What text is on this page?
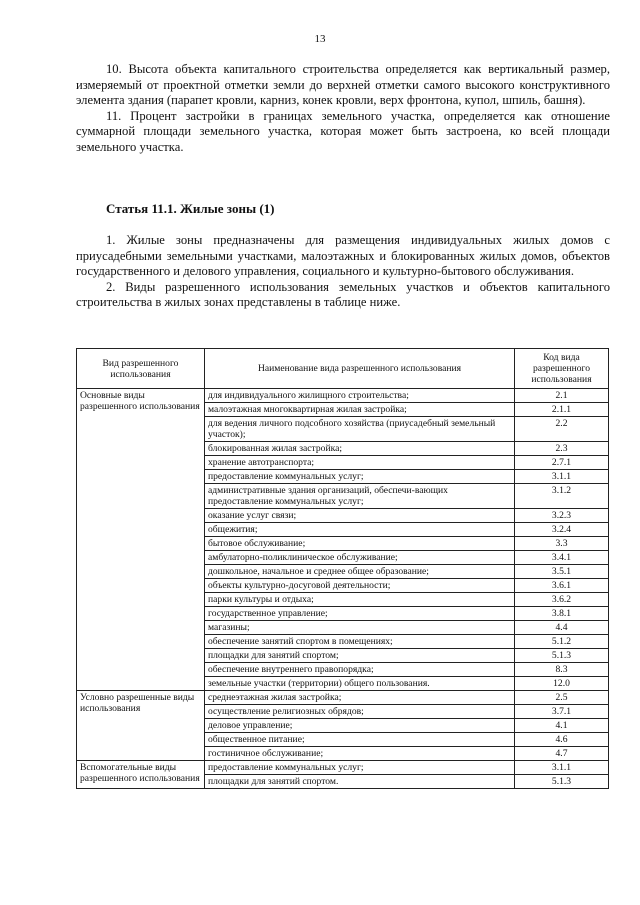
13

10. Высота объекта капитального строительства определяется как вертикальный размер, измеряемый от проектной отметки земли до верхней отметки самого высокого конструктивного элемента здания (парапет кровли, карниз, конек кровли, верх фронтона, купол, шпиль, башня).

11. Процент застройки в границах земельного участка, определяется как отношение суммарной площади земельного участка, которая может быть застроена, ко всей площади земельного участка.

Статья 11.1. Жилые зоны (1)

1. Жилые зоны предназначены для размещения индивидуальных жилых домов с приусадебными земельными участками, малоэтажных и блокированных жилых домов, объектов государственного и делового управления, социального и культурно-бытового обслуживания.

2. Виды разрешенного использования земельных участков и объектов капитального строительства в жилых зонах представлены в таблице ниже.

Вид разрешенного использования	Наименование вида разрешенного использования	Код вида разрешенного использования
Основные виды разрешенного использования	для индивидуального жилищного строительства;	2.1
	малоэтажная многоквартирная жилая застройка;	2.1.1
	для ведения личного подсобного хозяйства (приусадебный земельный участок);	2.2
	блокированная жилая застройка;	2.3
	хранение автотранспорта;	2.7.1
	предоставление коммунальных услуг;	3.1.1
	административные здания организаций, обеспечи-вающих предоставление коммунальных услуг;	3.1.2
	оказание услуг связи;	3.2.3
	общежития;	3.2.4
	бытовое обслуживание;	3.3
	амбулаторно-поликлиническое обслуживание;	3.4.1
	дошкольное, начальное и среднее общее образование;	3.5.1
	объекты культурно-досуговой деятельности;	3.6.1
	парки культуры и отдыха;	3.6.2
	государственное управление;	3.8.1
	магазины;	4.4
	обеспечение занятий спортом в помещениях;	5.1.2
	площадки для занятий спортом;	5.1.3
	обеспечение внутреннего правопорядка;	8.3
	земельные участки (территории) общего пользования.	12.0
Условно разрешенные виды использования	среднеэтажная жилая застройка;	2.5
	осуществление религиозных обрядов;	3.7.1
	деловое управление;	4.1
	общественное питание;	4.6
	гостиничное обслуживание;	4.7
Вспомогательные виды разрешенного использования	предоставление коммунальных услуг;	3.1.1
	площадки для занятий спортом.	5.1.3
